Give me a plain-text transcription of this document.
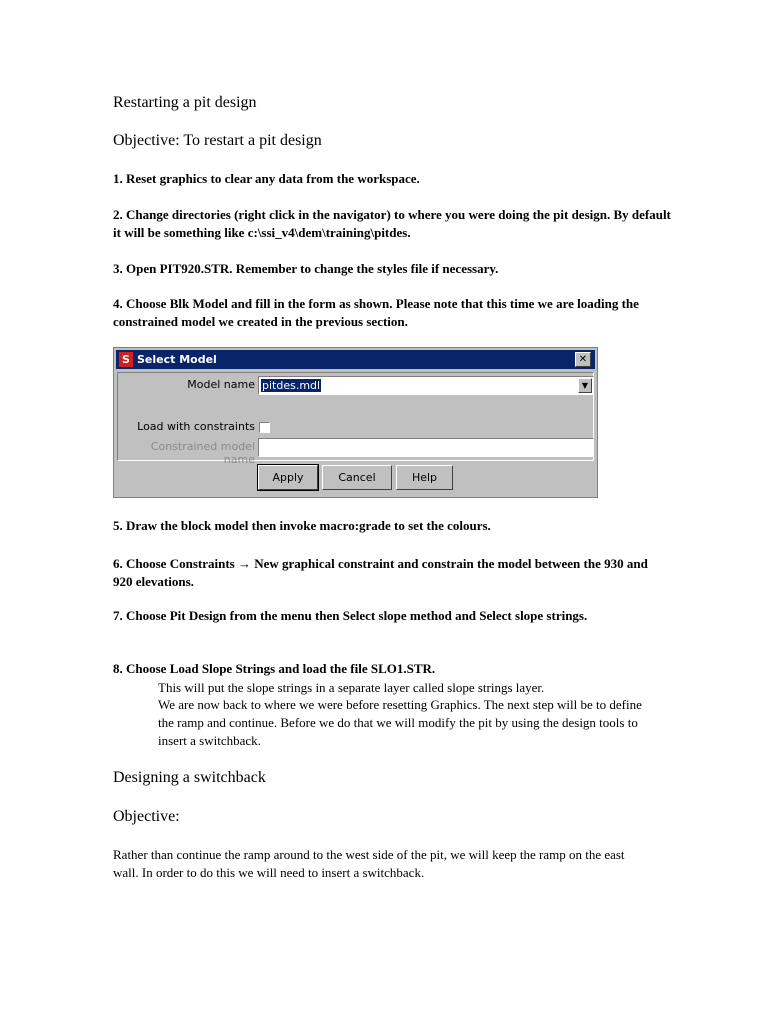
Restarting a pit design

Objective: To restart a pit design

1. Reset graphics to clear any data from the workspace.

2. Change directories (right click in the navigator) to where you were doing the pit design. By default it will be something like c:\ssi_v4\dem\training\pitdes.

3. Open PIT920.STR. Remember to change the styles file if necessary.

4. Choose Blk Model and fill in the form as shown. Please note that this time we are loading the constrained model we created in the previous section.

S Select Model	✕
Model name pitdes.mdl	▼
Load with constraints
Constrained model name
Apply	Cancel	Help

5. Draw the block model then invoke macro:grade to set the colours.

6. Choose Constraints → New graphical constraint and constrain the model between the 930 and 920 elevations.

7. Choose Pit Design from the menu then Select slope method and Select slope strings.

8. Choose Load Slope Strings and load the file SLO1.STR.

This will put the slope strings in a separate layer called slope strings layer.

We are now back to where we were before resetting Graphics. The next step will be to define the ramp and continue. Before we do that we will modify the pit by using the design tools to insert a switchback.

Designing a switchback

Objective:

Rather than continue the ramp around to the west side of the pit, we will keep the ramp on the east wall. In order to do this we will need to insert a switchback.
